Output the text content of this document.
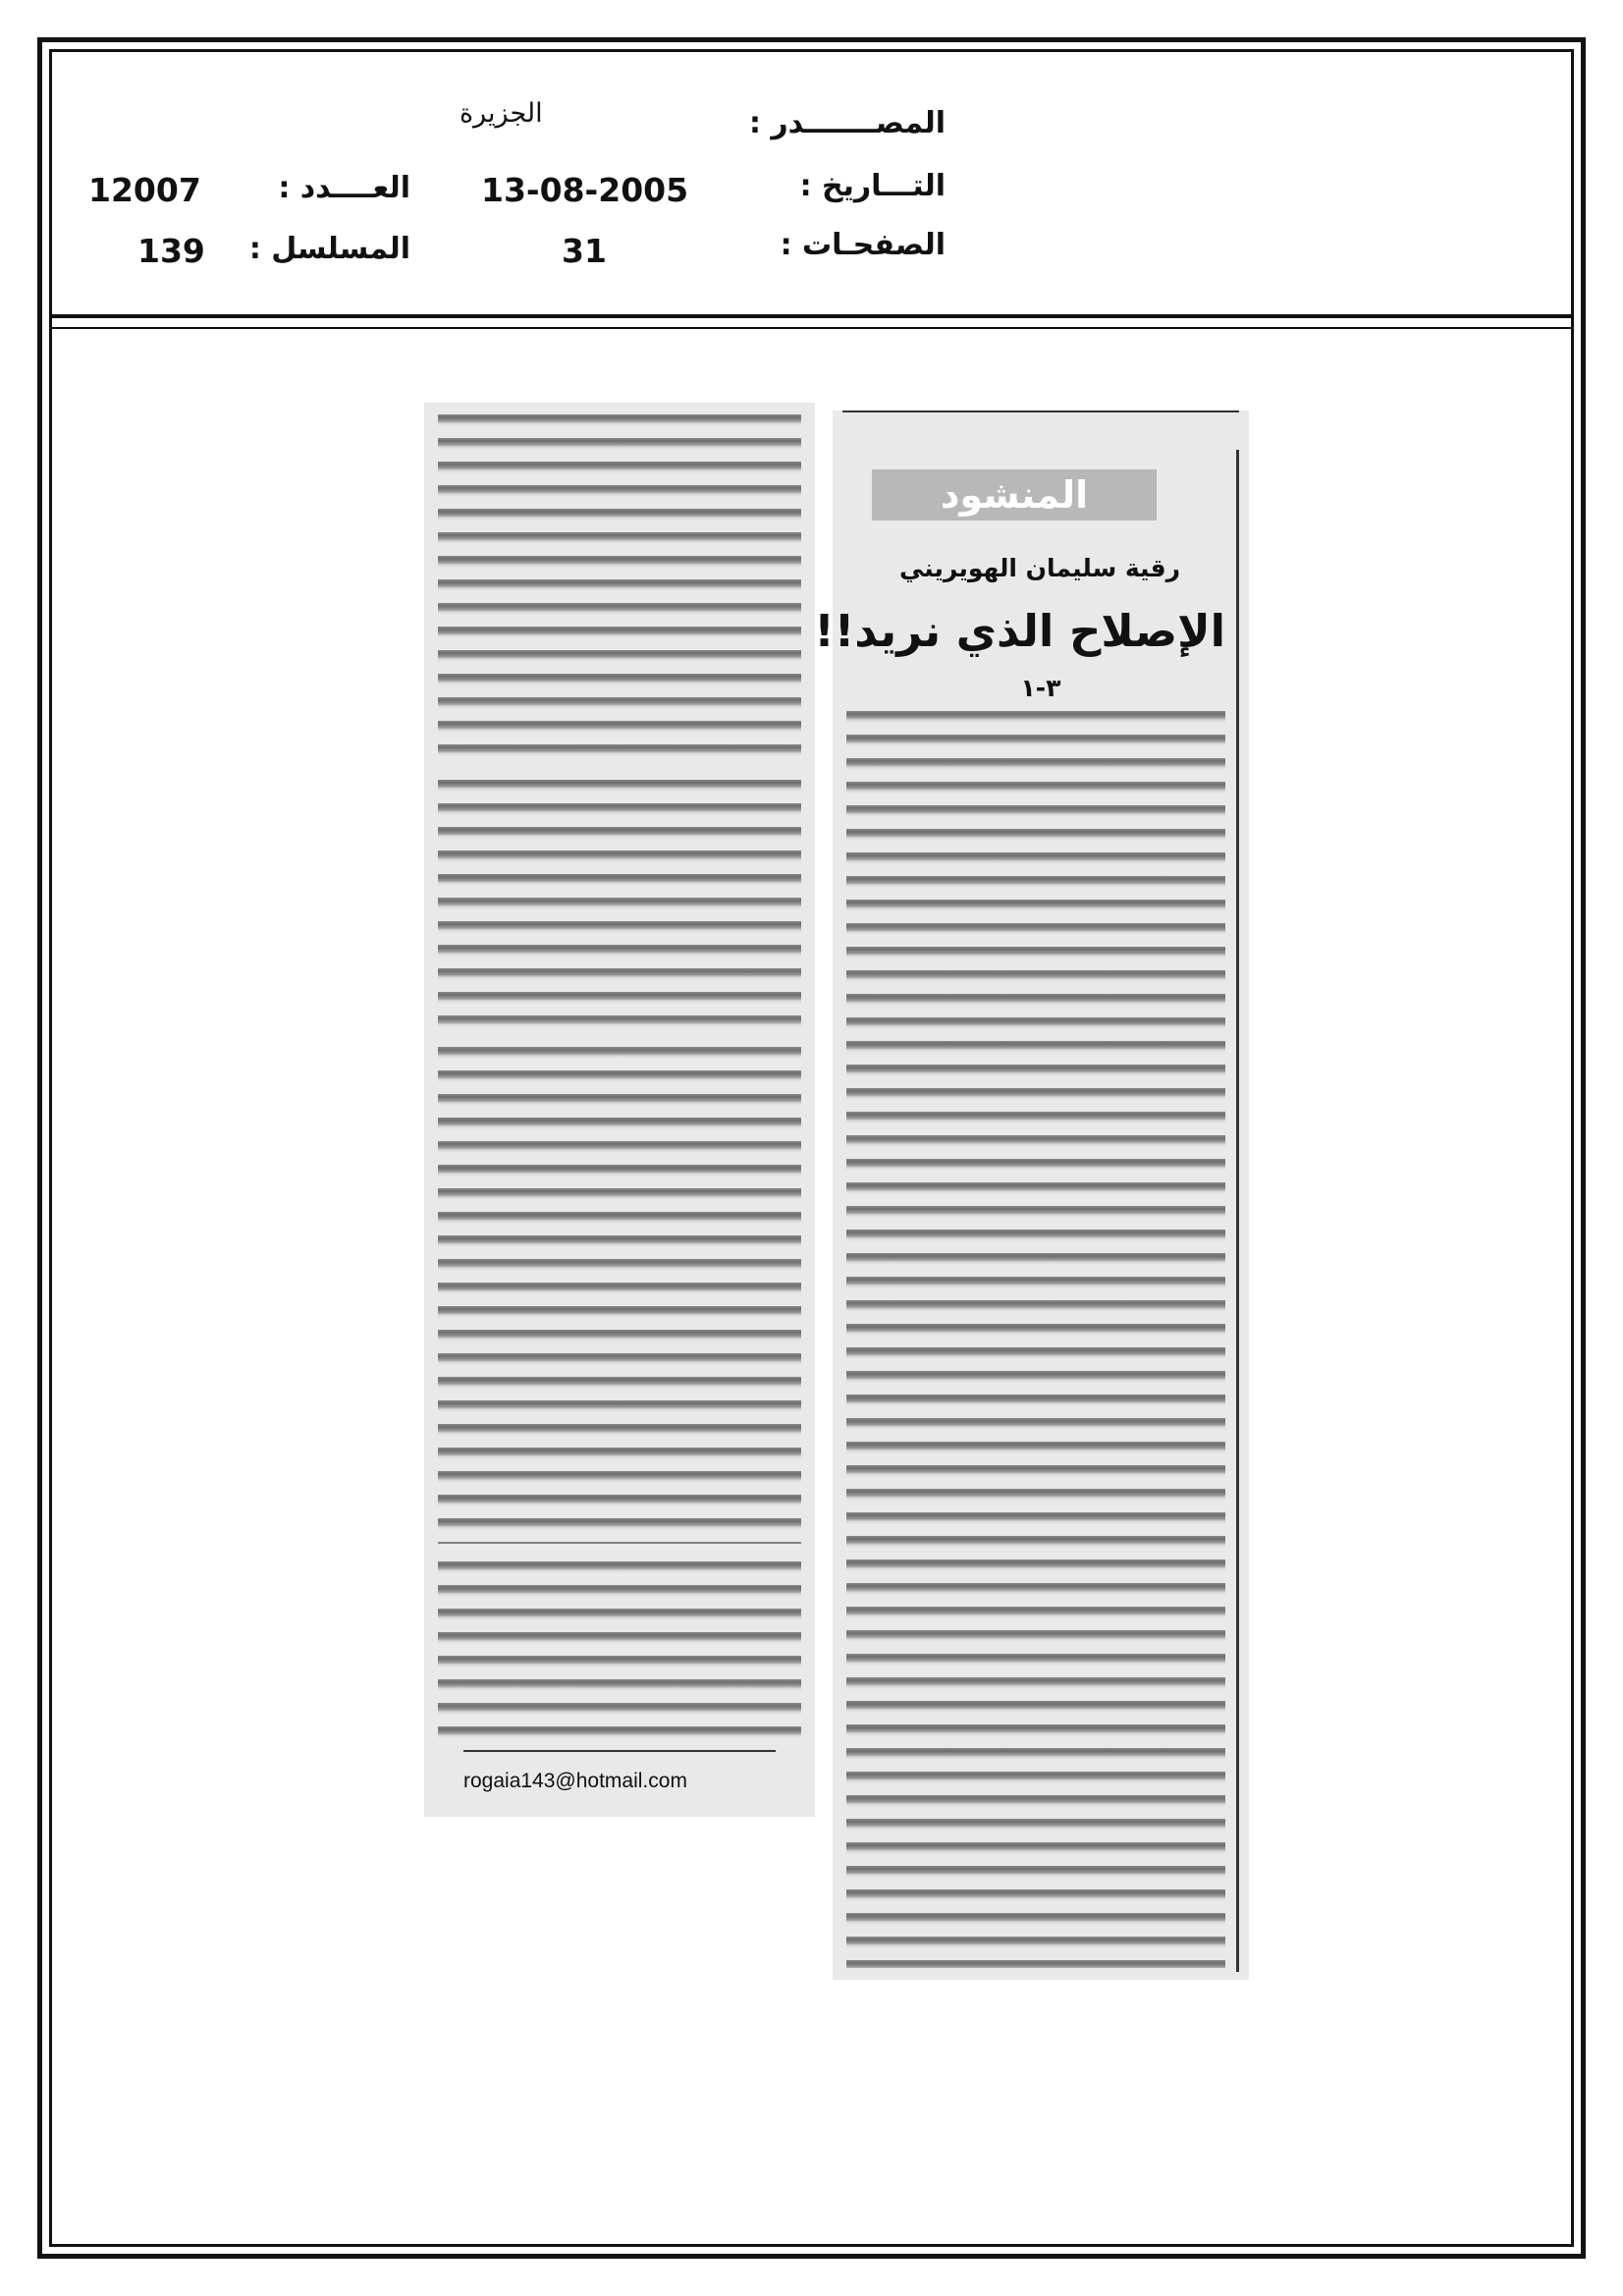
المصـــــــدر :
الجزيرة
التـــاريخ :
13-08-2005
الصفحـات :
31
العــــدد :
12007
المسلسل :
139
rogaia143@hotmail.com
المنشود
رقية سليمان الهويريني
الإصلاح الذي نريد!!
٣-١
